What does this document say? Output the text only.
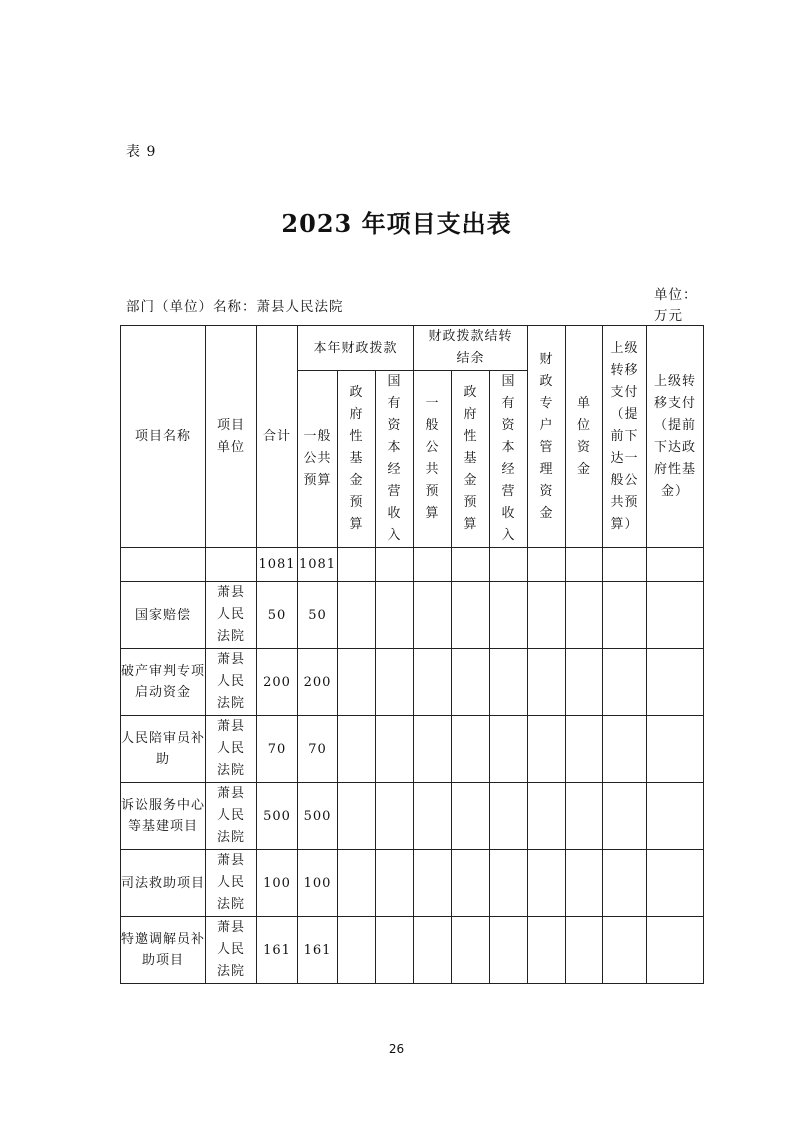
表 9
2023 年项目支出表
部门（单位）名称：萧县人民法院
单位：万元
项目名称	项目单位	合计	本年财政拨款			财政拨款结转结余			财政专户管理资金	单位资金	上级转移支付（提前下达一般公共预算）	上级转移支付（提前下达政府性基金）
			一般公共预算	政府性基金预算	国有资本经营收入	一般公共预算	政府性基金预算	国有资本经营收入				
		1081	1081									
国家赔偿	萧县人民法院	50	50									
破产审判专项启动资金	萧县人民法院	200	200									
人民陪审员补助	萧县人民法院	70	70									
诉讼服务中心等基建项目	萧县人民法院	500	500									
司法救助项目	萧县人民法院	100	100									
特邀调解员补助项目	萧县人民法院	161	161									
26
